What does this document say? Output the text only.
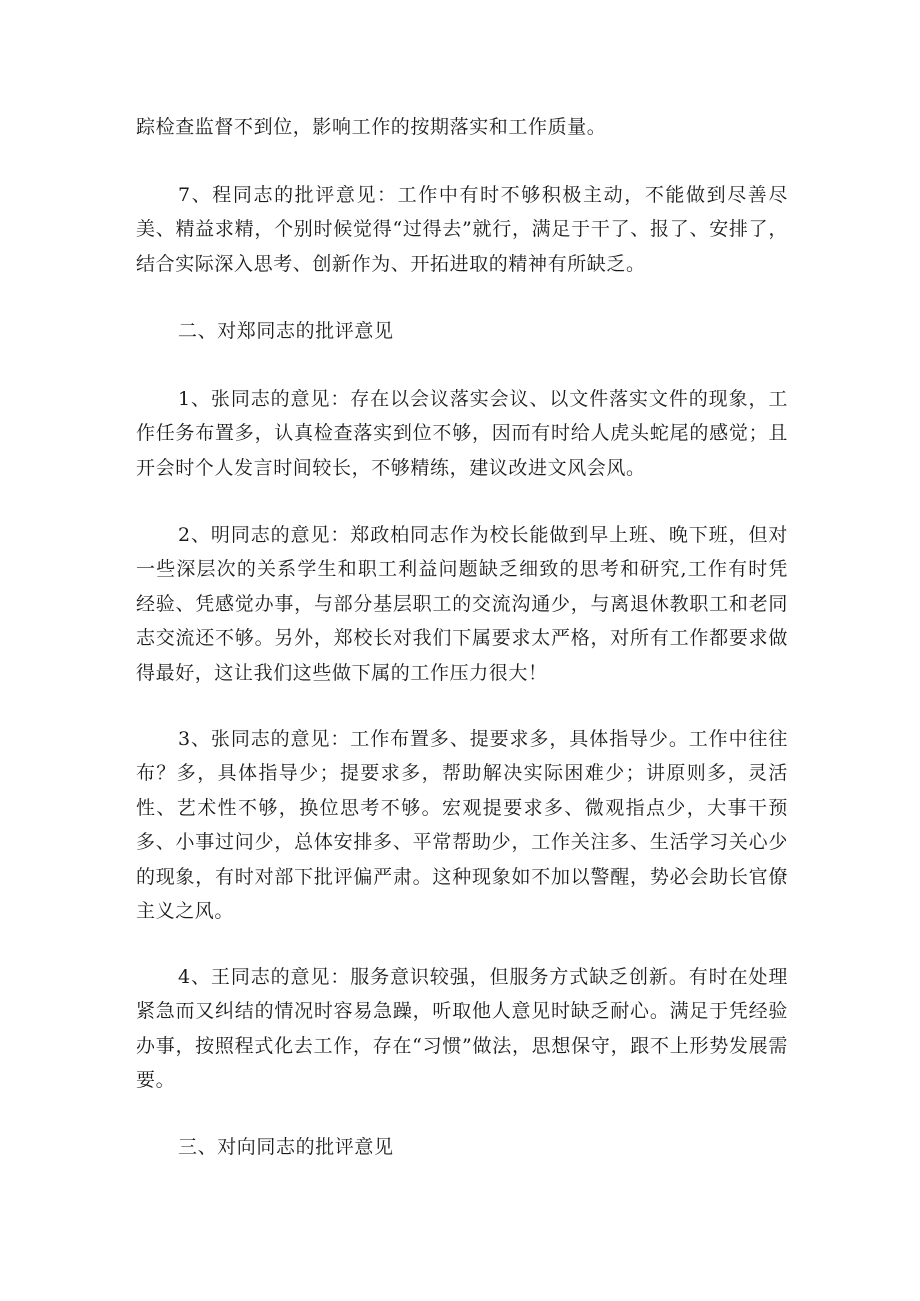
踪检查监督不到位，影响工作的按期落实和工作质量。

7、程同志的批评意见：工作中有时不够积极主动，不能做到尽善尽美、精益求精，个别时候觉得“过得去”就行，满足于干了、报了、安排了，结合实际深入思考、创新作为、开拓进取的精神有所缺乏。

二、对郑同志的批评意见

1、张同志的意见：存在以会议落实会议、以文件落实文件的现象，工作任务布置多，认真检查落实到位不够，因而有时给人虎头蛇尾的感觉；且开会时个人发言时间较长，不够精练，建议改进文风会风。

2、明同志的意见：郑政柏同志作为校长能做到早上班、晚下班，但对一些深层次的关系学生和职工利益问题缺乏细致的思考和研究,工作有时凭经验、凭感觉办事，与部分基层职工的交流沟通少，与离退休教职工和老同志交流还不够。另外，郑校长对我们下属要求太严格，对所有工作都要求做得最好，这让我们这些做下属的工作压力很大！

3、张同志的意见：工作布置多、提要求多，具体指导少。工作中往往布？多，具体指导少；提要求多，帮助解决实际困难少；讲原则多，灵活性、艺术性不够，换位思考不够。宏观提要求多、微观指点少，大事干预多、小事过问少，总体安排多、平常帮助少，工作关注多、生活学习关心少的现象，有时对部下批评偏严肃。这种现象如不加以警醒，势必会助长官僚主义之风。

4、王同志的意见：服务意识较强，但服务方式缺乏创新。有时在处理紧急而又纠结的情况时容易急躁，听取他人意见时缺乏耐心。满足于凭经验办事，按照程式化去工作，存在“习惯”做法，思想保守，跟不上形势发展需要。

三、对向同志的批评意见
